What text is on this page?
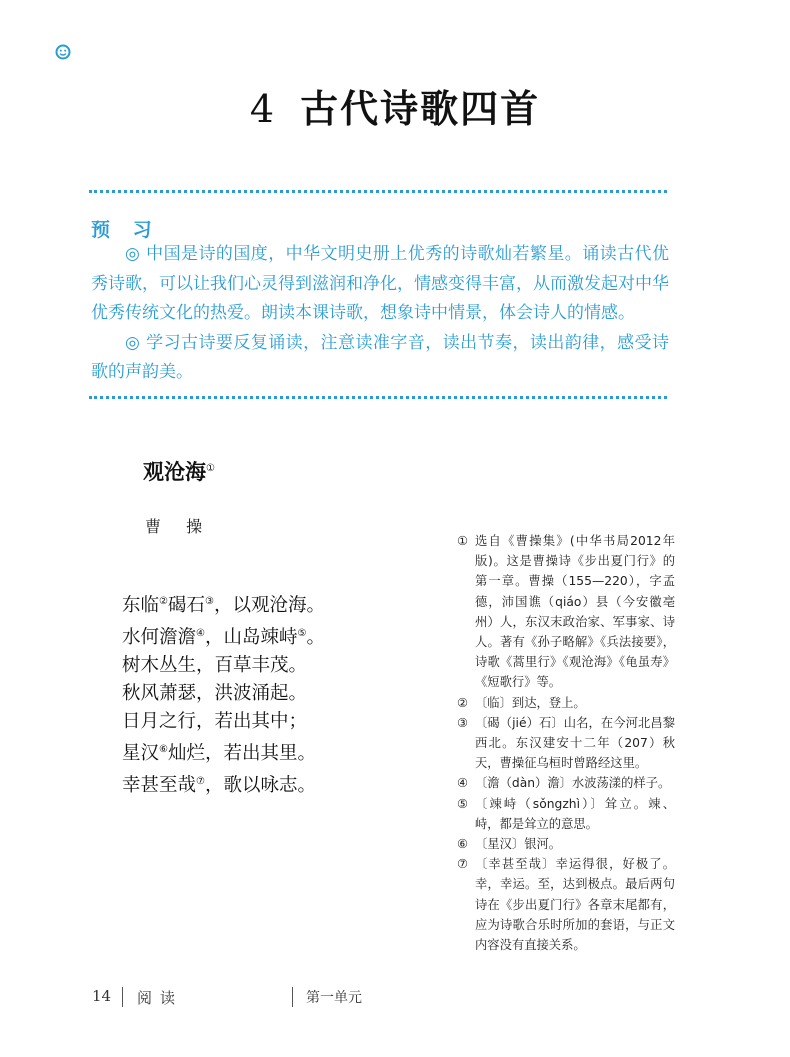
4 古代诗歌四首
预 习

◎ 中国是诗的国度，中华文明史册上优秀的诗歌灿若繁星。诵读古代优秀诗歌，可以让我们心灵得到滋润和净化，情感变得丰富，从而激发起对中华优秀传统文化的热爱。朗读本课诗歌，想象诗中情景，体会诗人的情感。

◎ 学习古诗要反复诵读，注意读准字音，读出节奏，读出韵律，感受诗歌的声韵美。

观沧海①
曹 操
东临②碣石③，以观沧海。
水何澹澹④，山岛竦峙⑤。
树木丛生，百草丰茂。
秋风萧瑟，洪波涌起。
日月之行，若出其中；
星汉⑥灿烂，若出其里。
幸甚至哉⑦，歌以咏志。
① 选自《曹操集》(中华书局2012年版)。这是曹操诗《步出夏门行》的第一章。曹操（155—220），字孟德，沛国谯（qiáo）县（今安徽亳州）人，东汉末政治家、军事家、诗人。著有《孙子略解》《兵法接要》，诗歌《蒿里行》《观沧海》《龟虽寿》《短歌行》等。
② 〔临〕到达，登上。
③ 〔碣（jié）石〕山名，在今河北昌黎西北。东汉建安十二年（207）秋天，曹操征乌桓时曾路经这里。
④ 〔澹（dàn）澹〕水波荡漾的样子。
⑤ 〔竦峙（sǒngzhì）〕耸立。竦、峙，都是耸立的意思。
⑥ 〔星汉〕银河。
⑦ 〔幸甚至哉〕幸运得很，好极了。幸，幸运。至，达到极点。最后两句诗在《步出夏门行》各章末尾都有，应为诗歌合乐时所加的套语，与正文内容没有直接关系。
14 阅读	第一单元
